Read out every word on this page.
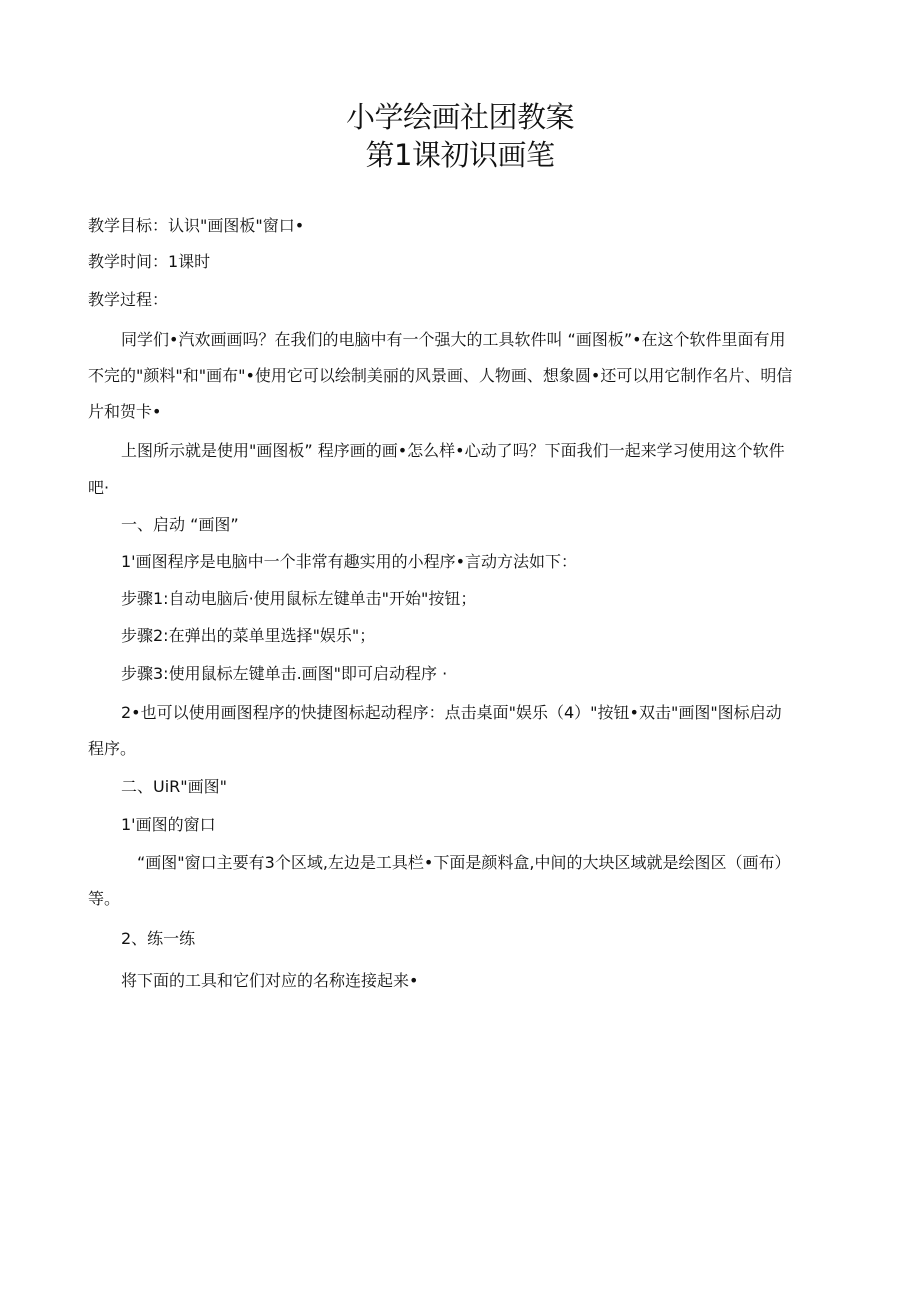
小学绘画社团教案
第1课初识画笔
教学目标：认识"画图板"窗口•
教学时间：1课时
教学过程：
同学们•汽欢画画吗？在我们的电脑中有一个强大的工具软件叫 “画图板”•在这个软件里面有用
不完的"颜料"和"画布"•使用它可以绘制美丽的风景画、人物画、想象圆•还可以用它制作名片、明信
片和贺卡•
上图所示就是使用"画图板” 程序画的画•怎么样•心动了吗？下面我们一起来学习使用这个软件
吧·
一、启动 “画图”
1'画图程序是电脑中一个非常有趣实用的小程序•言动方法如下：
步骤1:自动电脑后·使用鼠标左键单击"开始"按钮；
步骤2:在弹出的菜单里选择"娱乐"；
步骤3:使用鼠标左键单击.画图"即可启动程序 ·
2•也可以使用画图程序的快捷图标起动程序：点击桌面"娱乐（4）"按钮•双击"画图"图标启动
程序。
二、UiR"画图"
1'画图的窗口
“画图"窗口主要有3个区域,左边是工具栏•下面是颜料盒,中间的大块区域就是绘图区（画布）
等。
2、练一练
将下面的工具和它们对应的名称连接起来•
